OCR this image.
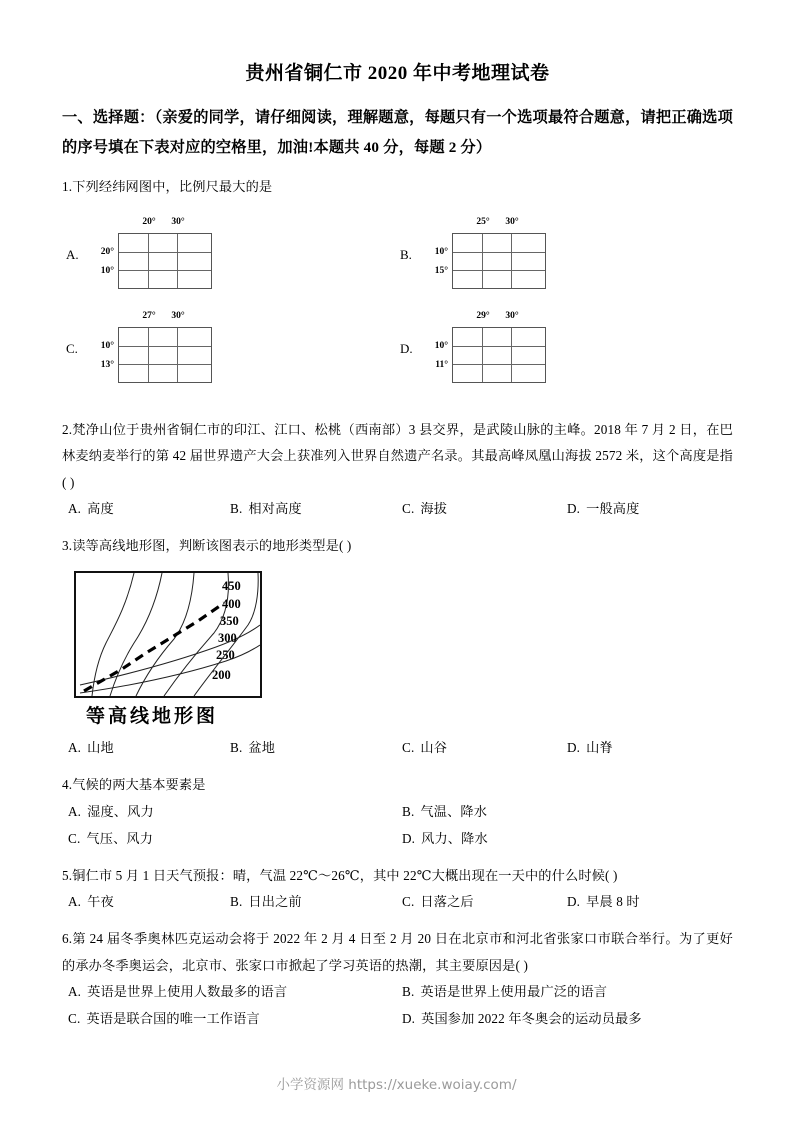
贵州省铜仁市 2020 年中考地理试卷

一、选择题：（亲爱的同学，请仔细阅读，理解题意，每题只有一个选项最符合题意，请把正确选项的序号填在下表对应的空格里，加油!本题共 40 分，每题 2 分）

1.下列经纬网图中，比例尺最大的是

A.
20° 30°
20°
10°
B.
25° 30°
10°
15°
C.
27° 30°
10°
13°
D.
29° 30°
10°
11°

2.梵净山位于贵州省铜仁市的印江、江口、松桃（西南部）3 县交界，是武陵山脉的主峰。2018 年 7 月 2 日，在巴林麦纳麦举行的第 42 届世界遗产大会上获准列入世界自然遗产名录。其最高峰凤凰山海拔 2572 米，这个高度是指( )

A. 高度	B. 相对高度	C. 海拔	D. 一般高度

3.读等高线地形图，判断该图表示的地形类型是( )

450
400
350
300
250
200
等高线地形图
A. 山地	B. 盆地	C. 山谷	D. 山脊

4.气候的两大基本要素是

A. 湿度、风力	B. 气温、降水
C. 气压、风力	D. 风力、降水

5.铜仁市 5 月 1 日天气预报：晴，气温 22℃～26℃，其中 22℃大概出现在一天中的什么时候( )

A. 午夜	B. 日出之前	C. 日落之后	D. 早晨 8 时

6.第 24 届冬季奥林匹克运动会将于 2022 年 2 月 4 日至 2 月 20 日在北京市和河北省张家口市联合举行。为了更好的承办冬季奥运会，北京市、张家口市掀起了学习英语的热潮，其主要原因是( )

A. 英语是世界上使用人数最多的语言	B. 英语是世界上使用最广泛的语言
C. 英语是联合国的唯一工作语言	D. 英国参加 2022 年冬奥会的运动员最多
小学资源网 https://xueke.woiay.com/
